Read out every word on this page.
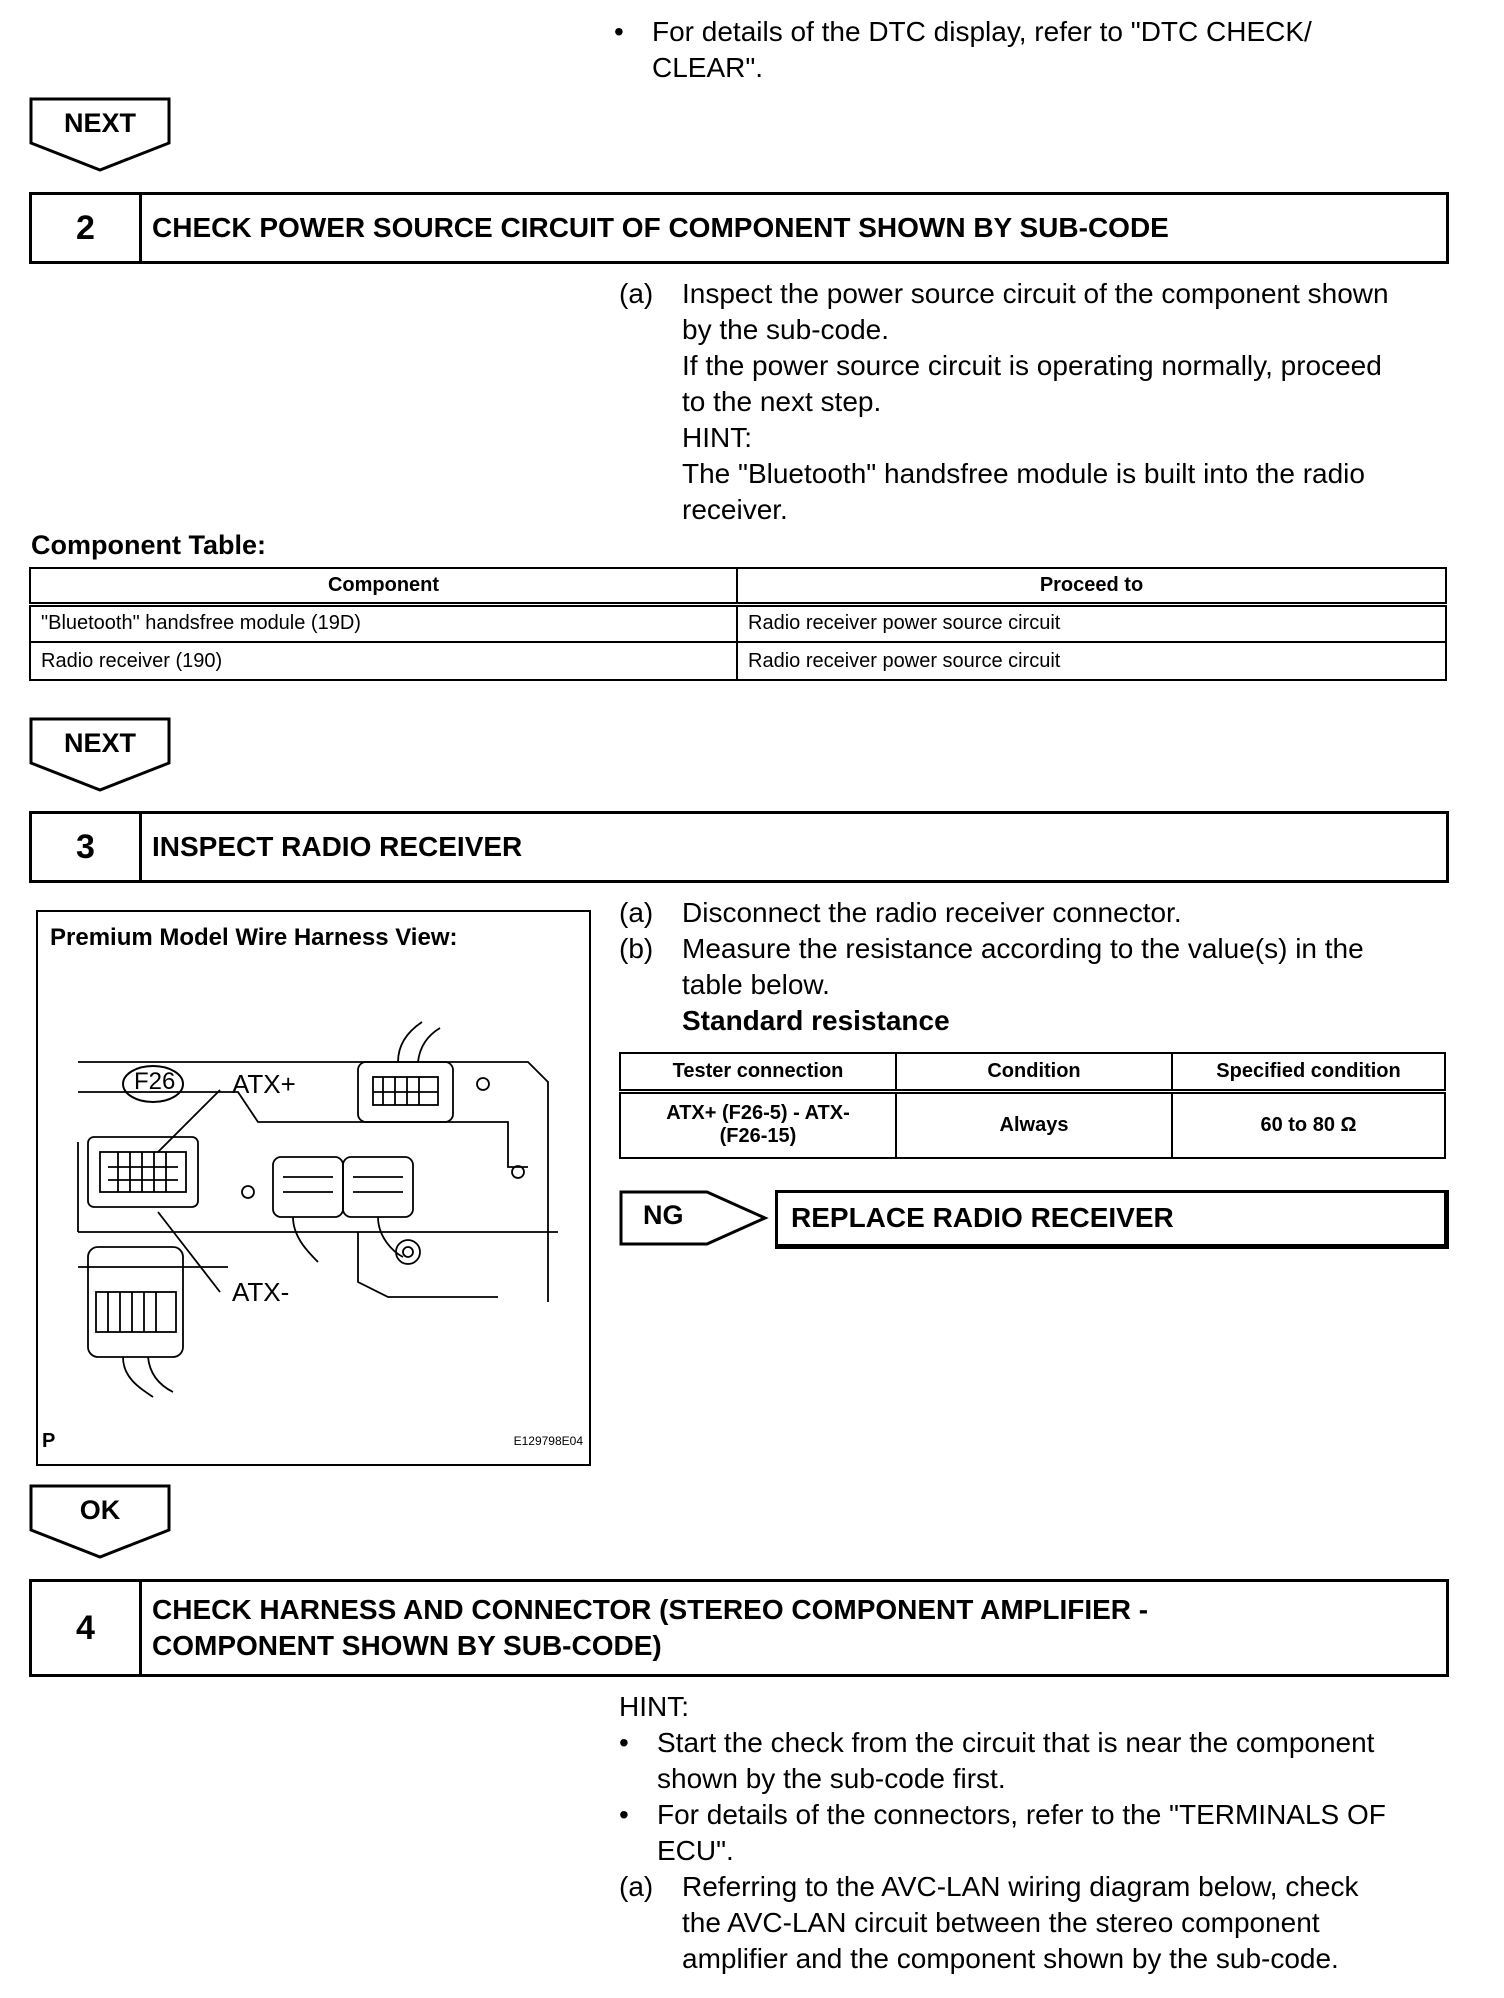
•	For details of the DTC display, refer to "DTC CHECK/
CLEAR".
NEXT
2	CHECK POWER SOURCE CIRCUIT OF COMPONENT SHOWN BY SUB-CODE
(a)	Inspect the power source circuit of the component shown
by the sub-code.
If the power source circuit is operating normally, proceed
to the next step.
HINT:
The "Bluetooth" handsfree module is built into the radio
receiver.
Component Table:
Component	Proceed to
"Bluetooth" handsfree module (19D)	Radio receiver power source circuit
Radio receiver (190)	Radio receiver power source circuit
NEXT
3	INSPECT RADIO RECEIVER
Premium Model Wire Harness View:
F26 ATX+
ATX-
P	E129798E04
(a)	Disconnect the radio receiver connector.
(b)	Measure the resistance according to the value(s) in the
table below.
Standard resistance
Tester connection	Condition	Specified condition

ATX+ (F26-5) - ATX-
(F26-15)	Always	60 to 80 Ω
NG	REPLACE RADIO RECEIVER
OK
4	CHECK HARNESS AND CONNECTOR (STEREO COMPONENT AMPLIFIER -
COMPONENT SHOWN BY SUB-CODE)
HINT:
•	Start the check from the circuit that is near the component
shown by the sub-code first.
•	For details of the connectors, refer to the "TERMINALS OF
ECU".
(a)	Referring to the AVC-LAN wiring diagram below, check
the AVC-LAN circuit between the stereo component
amplifier and the component shown by the sub-code.
